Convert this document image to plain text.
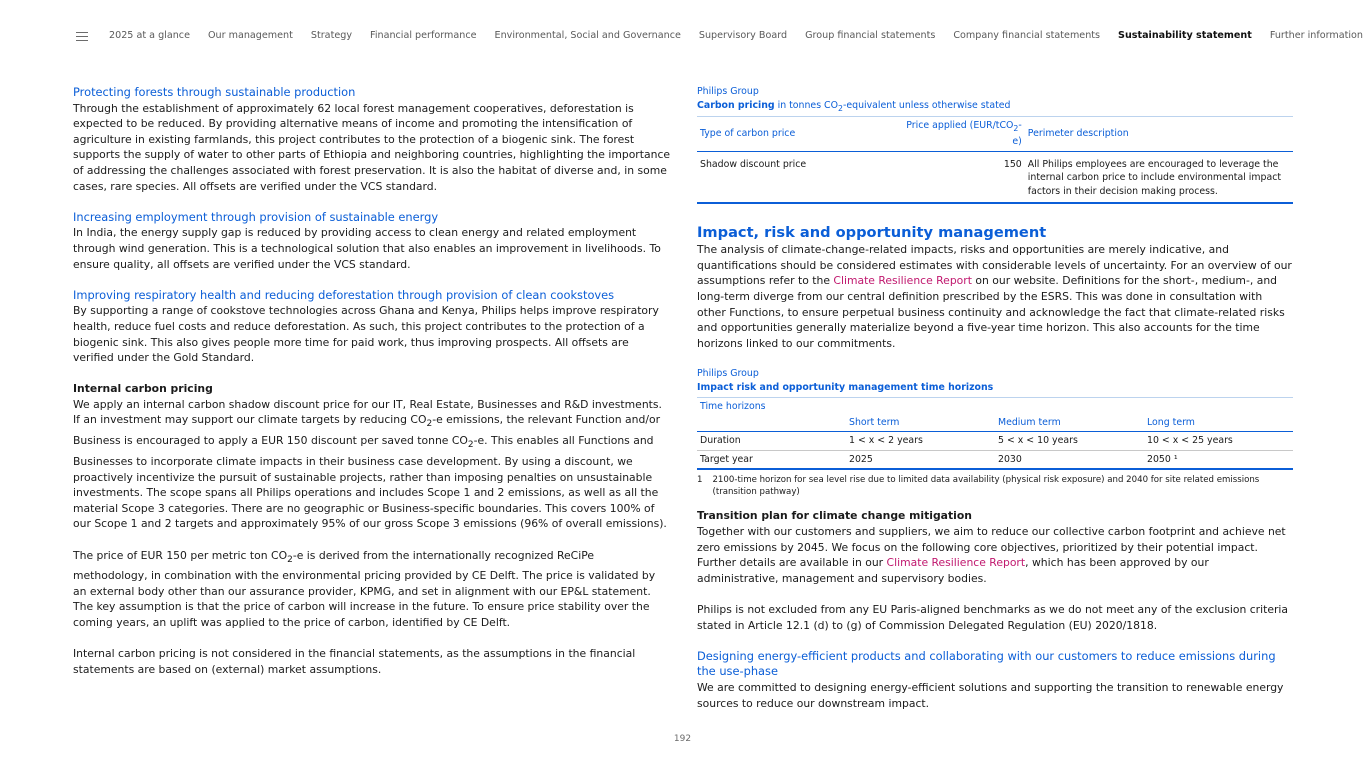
2025 at a glance Our management Strategy Financial performance Environmental, Social and Governance Supervisory Board Group financial statements Company financial statements Sustainability statement Further information
Protecting forests through sustainable production

Through the establishment of approximately 62 local forest management cooperatives, deforestation is expected to be reduced. By providing alternative means of income and promoting the intensification of agriculture in existing farmlands, this project contributes to the protection of a biogenic sink. The forest supports the supply of water to other parts of Ethiopia and neighboring countries, highlighting the importance of addressing the challenges associated with forest preservation. It is also the habitat of diverse and, in some cases, rare species. All offsets are verified under the VCS standard.

Increasing employment through provision of sustainable energy

In India, the energy supply gap is reduced by providing access to clean energy and related employment through wind generation. This is a technological solution that also enables an improvement in livelihoods. To ensure quality, all offsets are verified under the VCS standard.

Improving respiratory health and reducing deforestation through provision of clean cookstoves

By supporting a range of cookstove technologies across Ghana and Kenya, Philips helps improve respiratory health, reduce fuel costs and reduce deforestation. As such, this project contributes to the protection of a biogenic sink. This also gives people more time for paid work, thus improving prospects. All offsets are verified under the Gold Standard.

Internal carbon pricing

We apply an internal carbon shadow discount price for our IT, Real Estate, Businesses and R&D investments. If an investment may support our climate targets by reducing $CO_2-e$ emissions, the relevant Function and/or Business is encouraged to apply a EUR 150 discount per saved tonne $CO_2-e$. This enables all Functions and Businesses to incorporate climate impacts in their business case development. By using a discount, we proactively incentivize the pursuit of sustainable projects, rather than imposing penalties on unsustainable investments. The scope spans all Philips operations and includes Scope 1 and 2 emissions, as well as all the material Scope 3 categories. There are no geographic or Business-specific boundaries. This covers 100% of our Scope 1 and 2 targets and approximately 95% of our gross Scope 3 emissions (96% of overall emissions).

The price of EUR 150 per metric ton $CO_2-e$ is derived from the internationally recognized ReCiPe methodology, in combination with the environmental pricing provided by CE Delft. The price is validated by an external body other than our assurance provider, KPMG, and set in alignment with our EP&L statement. The key assumption is that the price of carbon will increase in the future. To ensure price stability over the coming years, an uplift was applied to the price of carbon, identified by CE Delft.

Internal carbon pricing is not considered in the financial statements, as the assumptions in the financial statements are based on (external) market assumptions.

Philips Group
Carbon pricing in tonnes $CO_2$-equivalent unless otherwise stated
Type of carbon price	Price applied (EUR/tCO$_2$-e)	Perimeter description
Shadow discount price	150	All Philips employees are encouraged to leverage the internal carbon price to include environmental impact factors in their decision making process.
Impact, risk and opportunity management

The analysis of climate-change-related impacts, risks and opportunities are merely indicative, and quantifications should be considered estimates with considerable levels of uncertainty. For an overview of our assumptions refer to the Climate Resilience Report on our website. Definitions for the short-, medium-, and long-term diverge from our central definition prescribed by the ESRS. This was done in consultation with other Functions, to ensure perpetual business continuity and acknowledge the fact that climate-related risks and opportunities generally materialize beyond a five-year time horizon. This also accounts for the time horizons linked to our commitments.

Philips Group
Impact risk and opportunity management time horizons
Time horizons			
	Short term	Medium term	Long term
Duration	1 < x < 2 years	5 < x < 10 years	10 < x < 25 years
Target year	2025	2030	2050 ¹
1 2100-time horizon for sea level rise due to limited data availability (physical risk exposure) and 2040 for site related emissions (transition pathway)
Transition plan for climate change mitigation

Together with our customers and suppliers, we aim to reduce our collective carbon footprint and achieve net zero emissions by 2045. We focus on the following core objectives, prioritized by their potential impact. Further details are available in our Climate Resilience Report, which has been approved by our administrative, management and supervisory bodies.

Philips is not excluded from any EU Paris-aligned benchmarks as we do not meet any of the exclusion criteria stated in Article 12.1 (d) to (g) of Commission Delegated Regulation (EU) 2020/1818.

Designing energy-efficient products and collaborating with our customers to reduce emissions during the use-phase

We are committed to designing energy-efficient solutions and supporting the transition to renewable energy sources to reduce our downstream impact.

192
